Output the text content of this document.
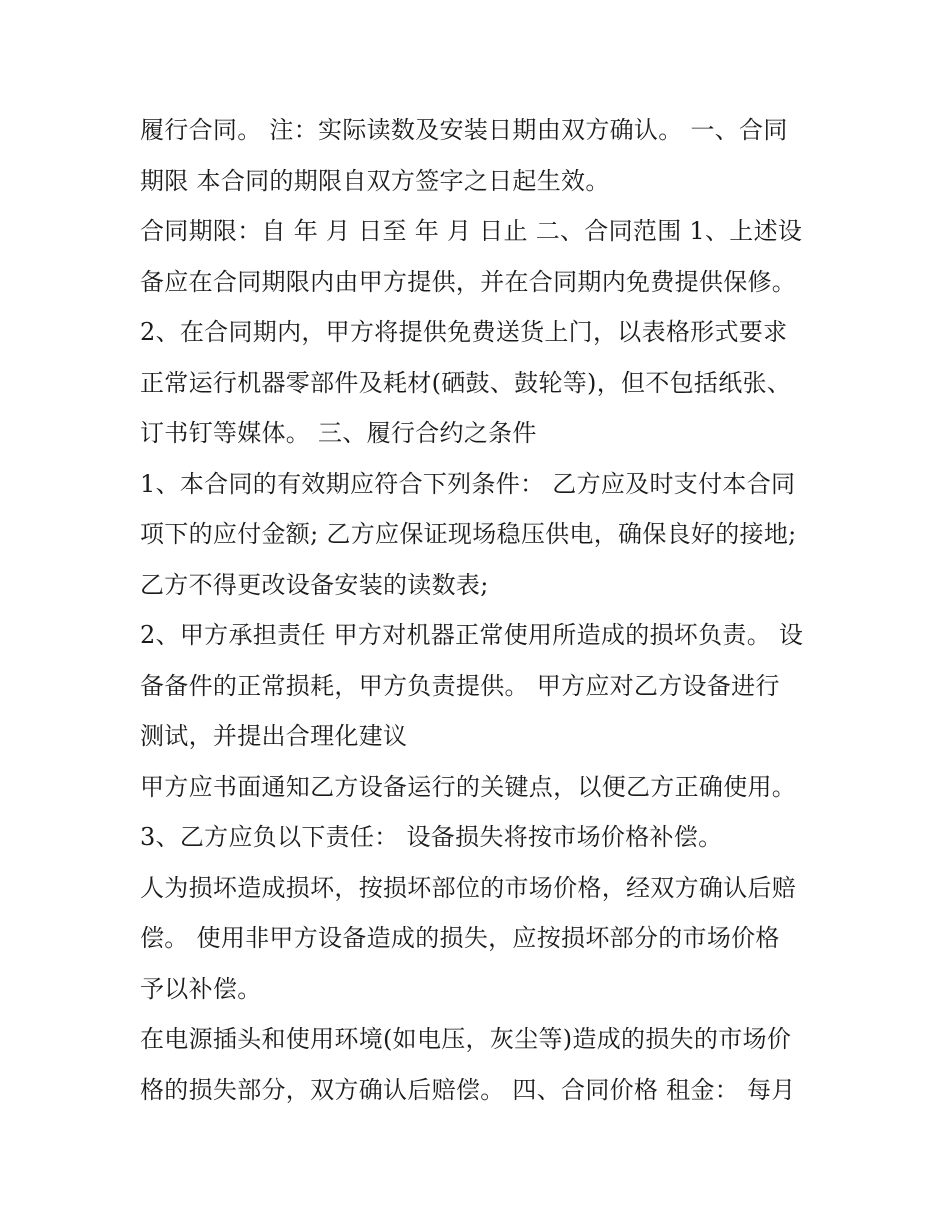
履行合同。 注：实际读数及安装日期由双方确认。 一、合同
期限 本合同的期限自双方签字之日起生效。
合同期限：自 年 月 日至 年 月 日止 二、合同范围 1、上述设
备应在合同期限内由甲方提供，并在合同期内免费提供保修。
2、在合同期内，甲方将提供免费送货上门，以表格形式要求
正常运行机器零部件及耗材(硒鼓、鼓轮等)，但不包括纸张、
订书钉等媒体。 三、履行合约之条件
1、本合同的有效期应符合下列条件： 乙方应及时支付本合同
项下的应付金额; 乙方应保证现场稳压供电，确保良好的接地;
乙方不得更改设备安装的读数表;
2、甲方承担责任 甲方对机器正常使用所造成的损坏负责。 设
备备件的正常损耗，甲方负责提供。 甲方应对乙方设备进行
测试，并提出合理化建议
甲方应书面通知乙方设备运行的关键点，以便乙方正确使用。
3、乙方应负以下责任： 设备损失将按市场价格补偿。
人为损坏造成损坏，按损坏部位的市场价格，经双方确认后赔
偿。 使用非甲方设备造成的损失，应按损坏部分的市场价格
予以补偿。
在电源插头和使用环境(如电压，灰尘等)造成的损失的市场价
格的损失部分，双方确认后赔偿。 四、合同价格 租金： 每月
